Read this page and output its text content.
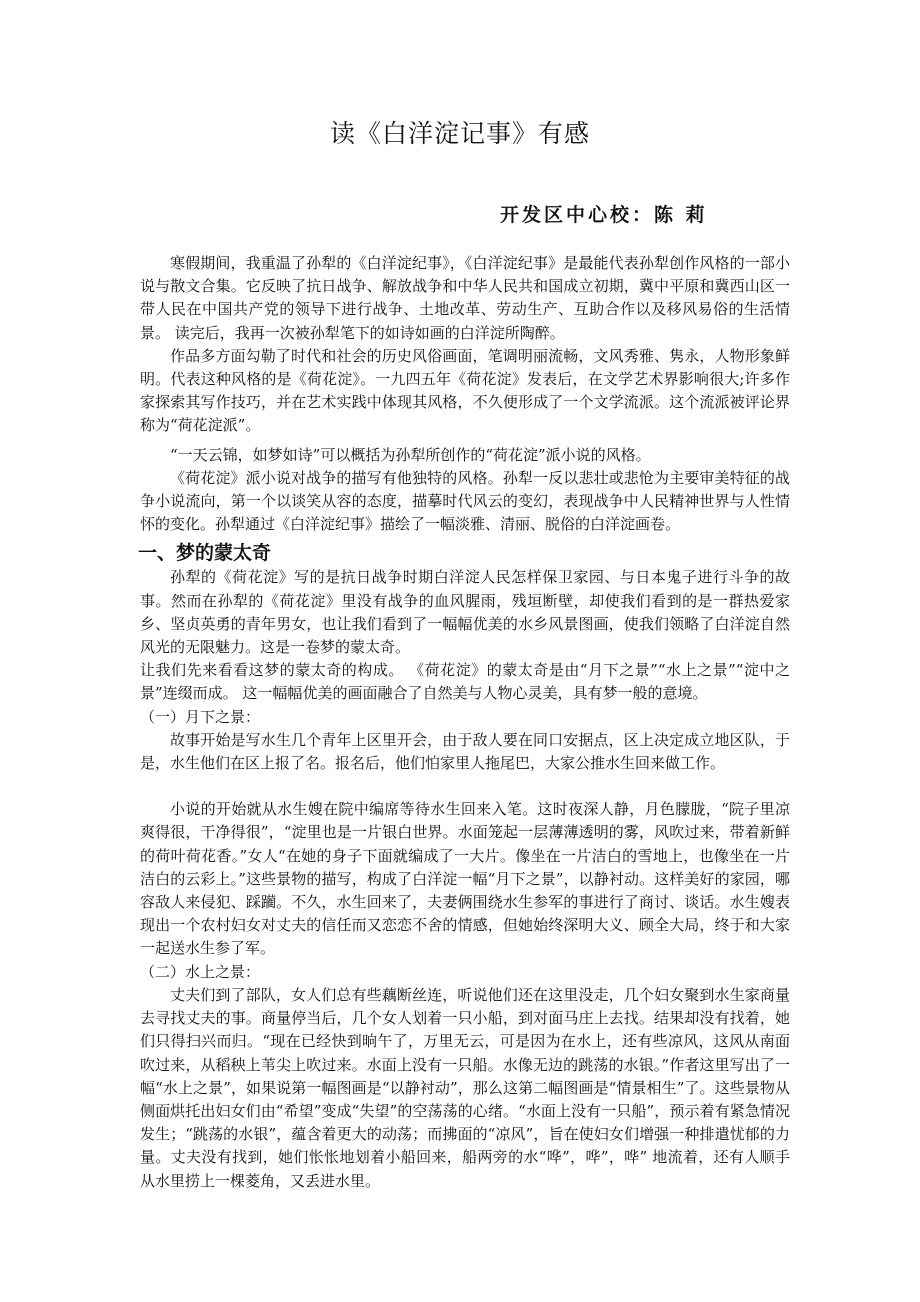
读《白洋淀记事》有感
开发区中心校：陈 莉

寒假期间，我重温了孙犁的《白洋淀纪事》，《白洋淀纪事》是最能代表孙犁创作风格的一部小说与散文合集。它反映了抗日战争、解放战争和中华人民共和国成立初期，冀中平原和冀西山区一带人民在中国共产党的领导下进行战争、土地改革、劳动生产、互助合作以及移风易俗的生活情景。 读完后，我再一次被孙犁笔下的如诗如画的白洋淀所陶醉。

作品多方面勾勒了时代和社会的历史风俗画面，笔调明丽流畅，文风秀雅、隽永，人物形象鲜明。代表这种风格的是《荷花淀》。一九四五年《荷花淀》发表后，在文学艺术界影响很大;许多作家探索其写作技巧，并在艺术实践中体现其风格，不久便形成了一个文学流派。这个流派被评论界称为“荷花淀派”。

“一天云锦，如梦如诗”可以概括为孙犁所创作的“荷花淀”派小说的风格。

《荷花淀》派小说对战争的描写有他独特的风格。孙犁一反以悲壮或悲怆为主要审美特征的战争小说流向，第一个以谈笑从容的态度，描摹时代风云的变幻，表现战争中人民精神世界与人性情怀的变化。孙犁通过《白洋淀纪事》描绘了一幅淡雅、清丽、脱俗的白洋淀画卷。

一、梦的蒙太奇

孙犁的《荷花淀》写的是抗日战争时期白洋淀人民怎样保卫家园、与日本鬼子进行斗争的故事。然而在孙犁的《荷花淀》里没有战争的血风腥雨，残垣断壁，却使我们看到的是一群热爱家乡、坚贞英勇的青年男女，也让我们看到了一幅幅优美的水乡风景图画，使我们领略了白洋淀自然风光的无限魅力。这是一卷梦的蒙太奇。

让我们先来看看这梦的蒙太奇的构成。 《荷花淀》的蒙太奇是由“月下之景”“水上之景”“淀中之景”连缀而成。 这一幅幅优美的画面融合了自然美与人物心灵美，具有梦一般的意境。

（一）月下之景：

故事开始是写水生几个青年上区里开会，由于敌人要在同口安据点，区上决定成立地区队，于是，水生他们在区上报了名。报名后，他们怕家里人拖尾巴，大家公推水生回来做工作。

小说的开始就从水生嫂在院中编席等待水生回来入笔。这时夜深人静，月色朦胧，“院子里凉爽得很，干净得很”，“淀里也是一片银白世界。水面笼起一层薄薄透明的雾，风吹过来，带着新鲜的荷叶荷花香。”女人“在她的身子下面就编成了一大片。像坐在一片洁白的雪地上，也像坐在一片洁白的云彩上。”这些景物的描写，构成了白洋淀一幅“月下之景”，以静衬动。这样美好的家园，哪容敌人来侵犯、踩躏。不久，水生回来了，夫妻俩围绕水生参军的事进行了商讨、谈话。水生嫂表现出一个农村妇女对丈夫的信任而又恋恋不舍的情感，但她始终深明大义、顾全大局，终于和大家一起送水生参了军。

（二）水上之景：

丈夫们到了部队，女人们总有些藕断丝连，听说他们还在这里没走，几个妇女聚到水生家商量去寻找丈夫的事。商量停当后，几个女人划着一只小船，到对面马庄上去找。结果却没有找着，她们只得扫兴而归。“现在已经快到晌午了，万里无云，可是因为在水上，还有些凉风，这风从南面吹过来，从稻秧上苇尖上吹过来。水面上没有一只船。水像无边的跳荡的水银。”作者这里写出了一幅“水上之景”，如果说第一幅图画是“以静衬动”，那么这第二幅图画是“情景相生”了。这些景物从侧面烘托出妇女们由“希望”变成“失望”的空荡荡的心绪。“水面上没有一只船”，预示着有紧急情况发生；“跳荡的水银”，蕴含着更大的动荡；而拂面的“凉风”，旨在使妇女们增强一种排遣忧郁的力量。丈夫没有找到，她们怅怅地划着小船回来，船两旁的水“哗”，哗”，哗” 地流着，还有人顺手从水里捞上一棵菱角，又丢进水里。
